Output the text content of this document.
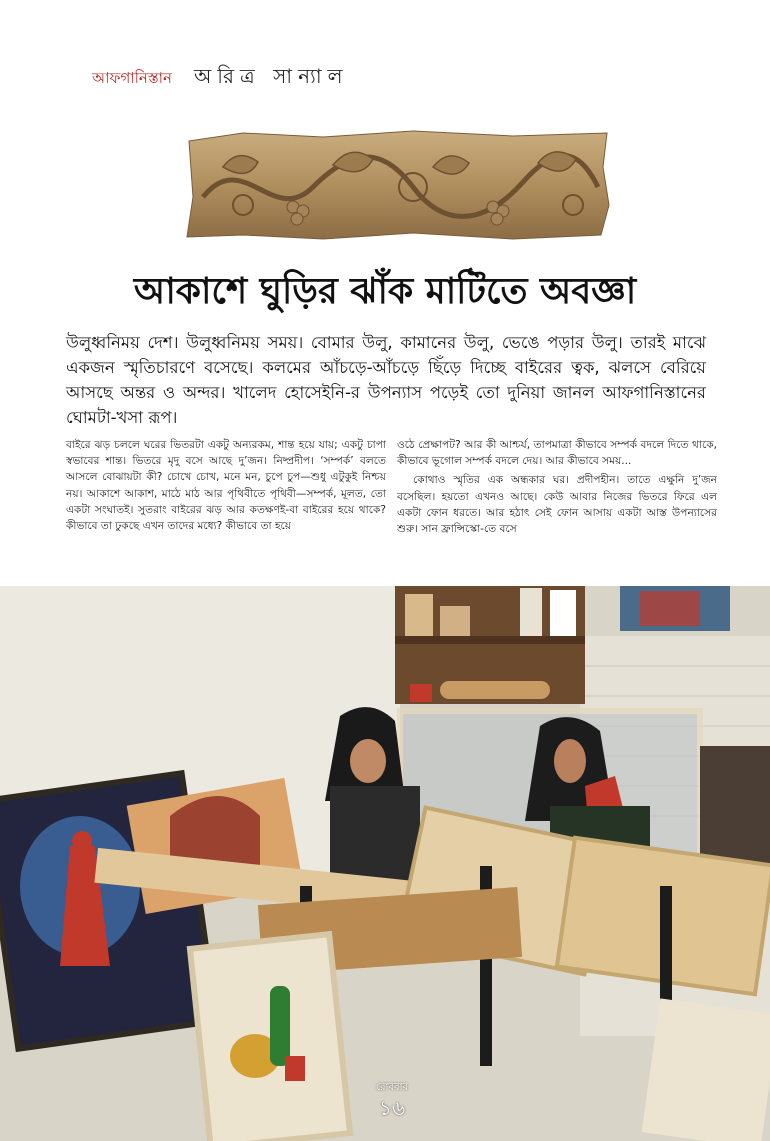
আফগানিস্তান অরিত্র সান্যাল
আকাশে ঘুড়ির ঝাঁক মাটিতে অবজ্ঞা

উলুধ্বনিময় দেশ। উলুধ্বনিময় সময়। বোমার উলু, কামানের উলু, ভেঙে পড়ার উলু। তারই মাঝে একজন স্মৃতিচারণে বসেছে। কলমের আঁচড়ে-আঁচড়ে ছিঁড়ে দিচ্ছে বাইরের ত্বক, ঝলসে বেরিয়ে আসছে অন্তর ও অন্দর। খালেদ হোসেইনি-র উপন্যাস পড়েই তো দুনিয়া জানল আফগানিস্তানের ঘোমটা-খসা রূপ।

বাইরে ঝড় চললে ঘরের ভিতরটা একটু অন্যরকম, শান্ত হয়ে যায়; একটু চাপা স্বভাবের শান্ত। ভিতরে মৃদু বসে আছে দু’জন। নিষ্প্রদীপ। ‘সম্পর্ক’ বলতে আসলে বোঝায়টা কী? চোখে চোখ, মনে মন, চুপে চুপ—শুধু এটুকুই নিশ্চয় নয়। আকাশে আকাশ, মাঠে মাঠ আর পৃথিবীতে পৃথিবী—সম্পর্ক, মূলত, তো একটা সংঘাতই। সুতরাং বাইরের ঝড় আর কতক্ষণই-বা বাইরের হয়ে থাকে? কীভাবে তা ঢুকছে এখন তাদের মধ্যে? কীভাবে তা হয়ে

ওঠে প্রেক্ষাপট? আর কী আশ্চর্য, তাপমাত্রা কীভাবে সম্পর্ক বদলে দিতে থাকে, কীভাবে ভূগোল সম্পর্ক বদলে দেয়। আর কীভাবে সময়...

কোথাও স্মৃতির এক অন্ধকার ঘর। প্রদীপহীন। তাতে এক্ষুনি দু’জন বসেছিল। হয়তো এখনও আছে। কেউ আবার নিজের ভিতরে ফিরে এল একটা ফোন ধরতে। আর হঠাৎ সেই ফোন আসায় একটা আস্ত উপন্যাসের শুরু। সান ফ্রান্সিস্কো-তে বসে

রোববার
১৬
